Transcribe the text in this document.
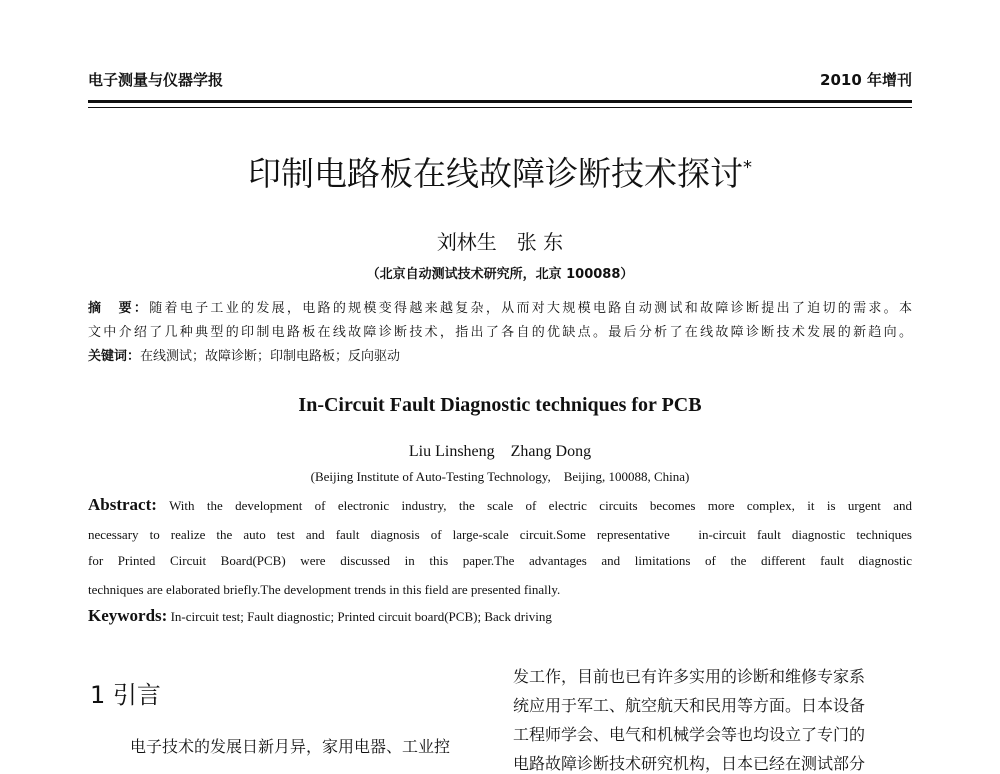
电子测量与仪器学报	2010 年增刊
印制电路板在线故障诊断技术探讨*
刘林生　张 东
（北京自动测试技术研究所，北京 100088）
摘　要：随着电子工业的发展，电路的规模变得越来越复杂，从而对大规模电路自动测试和故障诊断提出了迫切的需求。本
文中介绍了几种典型的印制电路板在线故障诊断技术，指出了各自的优缺点。最后分析了在线故障诊断技术发展的新趋向。
关键词：在线测试；故障诊断；印制电路板；反向驱动
In-Circuit Fault Diagnostic techniques for PCB
Liu Linsheng　Zhang Dong
(Beijing Institute of Auto-Testing Technology,　Beijing, 100088, China)
Abstract: With the development of electronic industry, the scale of electric circuits becomes more complex, it is urgent and
necessary to realize the auto test and fault diagnosis of large-scale circuit.Some representative　in-circuit fault diagnostic techniques
for Printed Circuit Board(PCB) were discussed in this paper.The advantages and limitations of the different fault diagnostic
techniques are elaborated briefly.The development trends in this field are presented finally.
Keywords: In-circuit test; Fault diagnostic; Printed circuit board(PCB); Back driving
1 引言
电子技术的发展日新月异，家用电器、工业控
发工作，目前也已有许多实用的诊断和维修专家系
统应用于军工、航空航天和民用等方面。日本设备
工程师学会、电气和机械学会等也均设立了专门的
电路故障诊断技术研究机构，日本已经在测试部分
